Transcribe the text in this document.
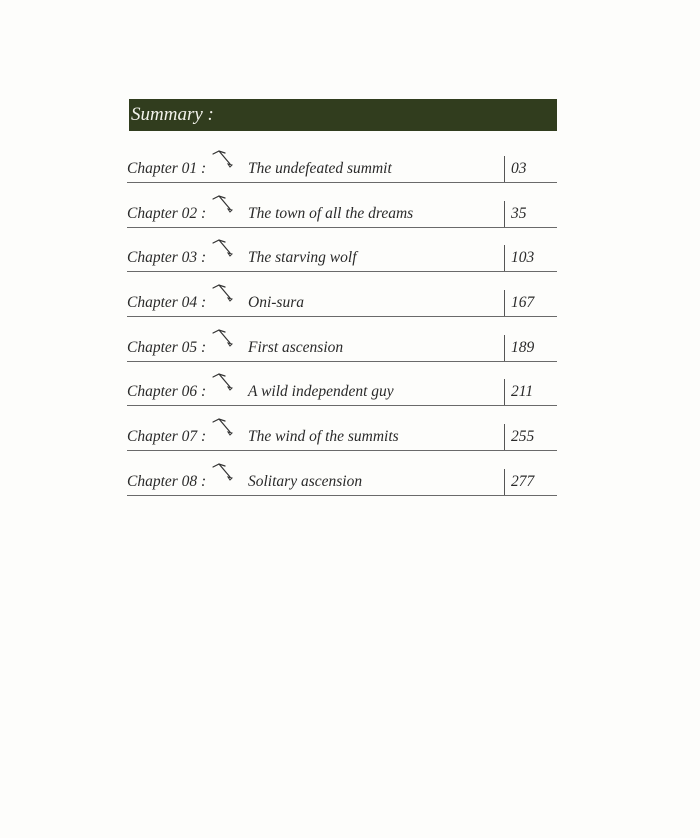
Summary :
Chapter 01 :	The undefeated summit	03
Chapter 02 :	The town of all the dreams	35
Chapter 03 :	The starving wolf	103
Chapter 04 :	Oni-sura	167
Chapter 05 :	First ascension	189
Chapter 06 :	A wild independent guy	211
Chapter 07 :	The wind of the summits	255
Chapter 08 :	Solitary ascension	277
